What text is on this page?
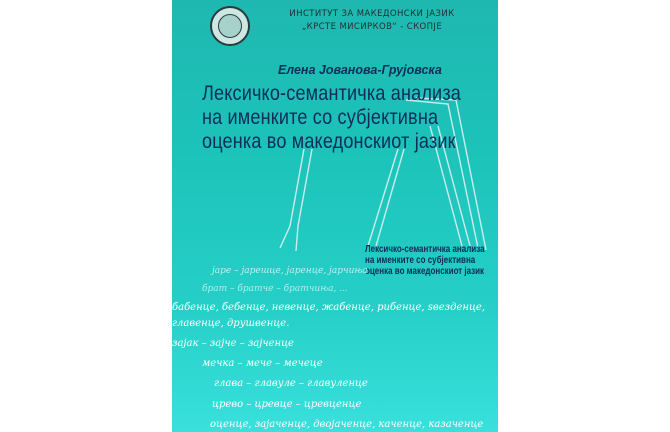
ИНСТИТУТ ЗА МАКЕДОНСКИ ЈАЗИК
„КРСТЕ МИСИРКОВ“ - СКОПЈЕ
Елена Јованова-Грујовска
Лексичко-семантичка анализа
на именките со субјективна
оценка во македонскиот јазик
Лексичко-семантичка анализа
на именките со субјективна
оценка во македонскиот јазик
јаре – јарешце, јаренце, јарчиња
брат – братче – братчиња, ...
бабенце, бебенце, невенце, жабенце, рибенце, ѕвезденце,
главенце, друшвенце.
зајак – зајче – зајченце
мечка – мече – мечеце
глава – главуле – главуленце
црево – цревце – цревценце
оценце, зајаченце, двојаченце, каченце, казаченце
